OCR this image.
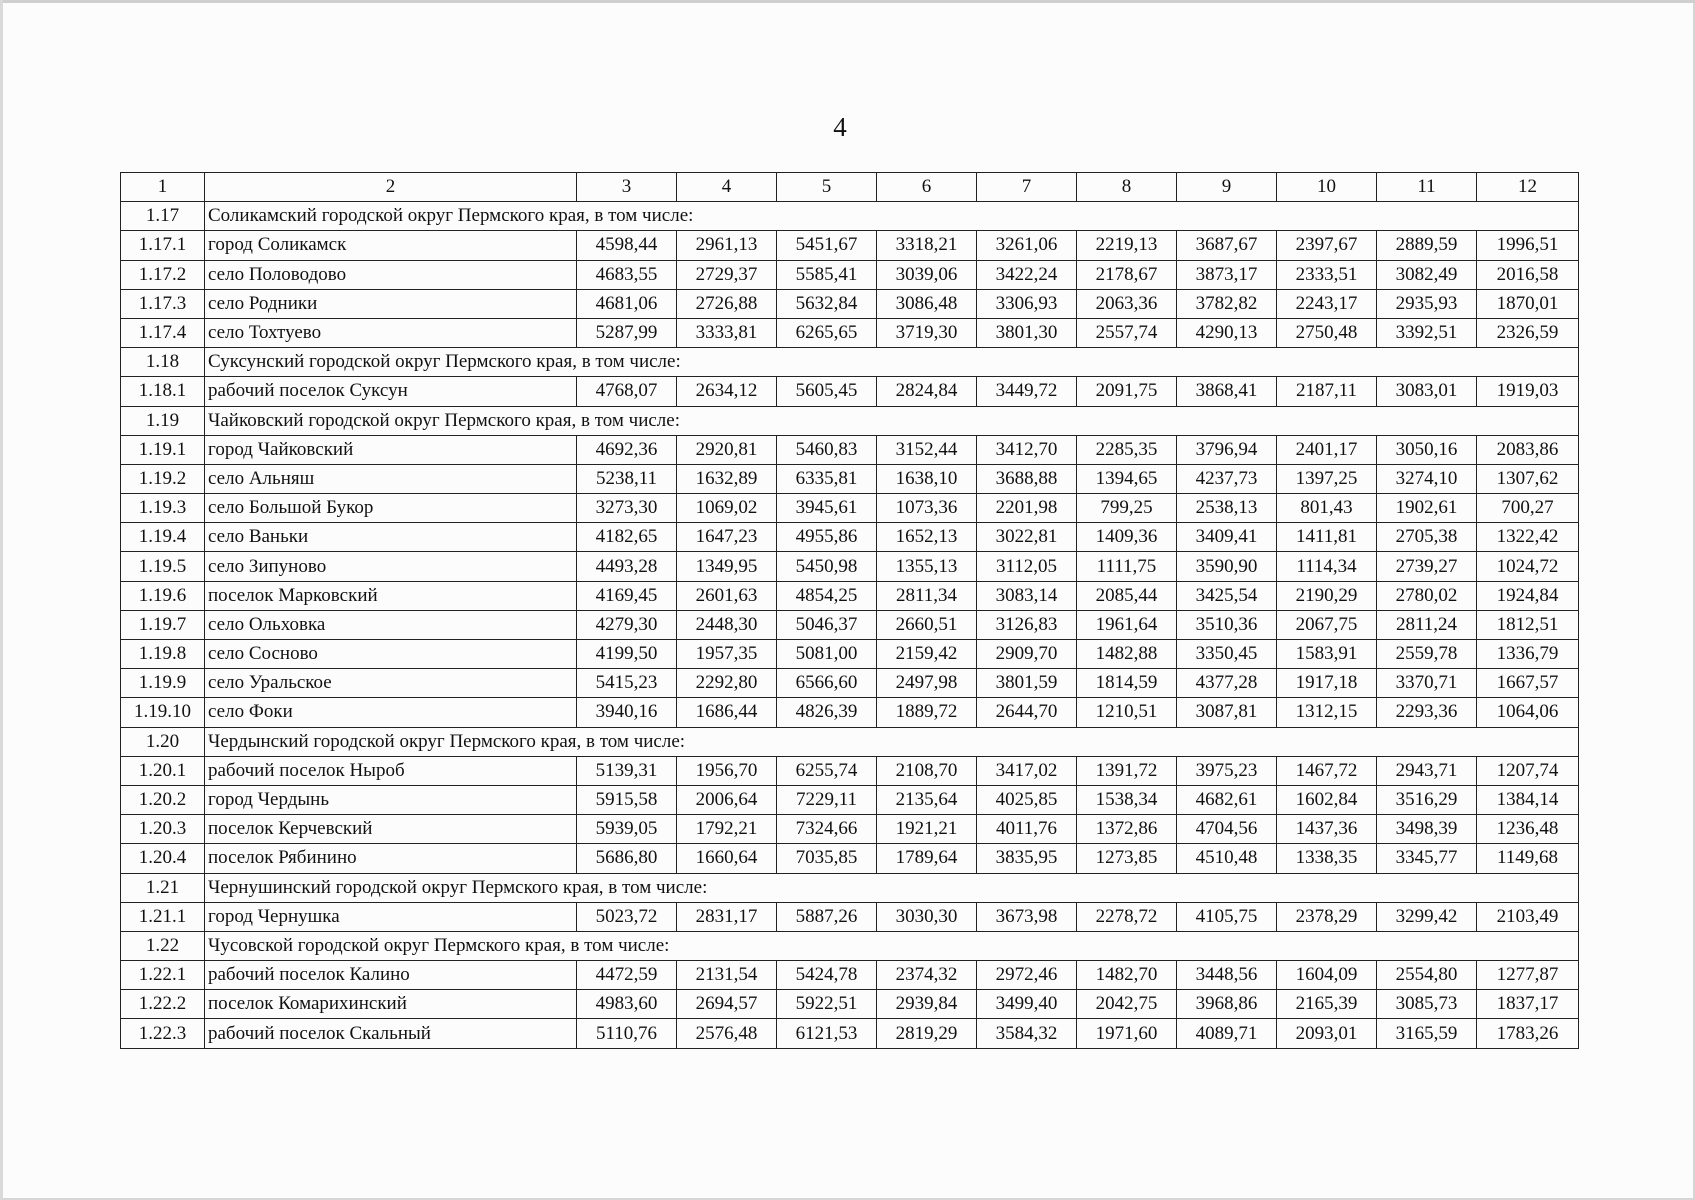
4
1	2	3	4	5	6	7	8	9	10	11	12
1.17	Соликамский городской округ Пермского края, в том числе:										
1.17.1	город Соликамск	4598,44	2961,13	5451,67	3318,21	3261,06	2219,13	3687,67	2397,67	2889,59	1996,51
1.17.2	село Половодово	4683,55	2729,37	5585,41	3039,06	3422,24	2178,67	3873,17	2333,51	3082,49	2016,58
1.17.3	село Родники	4681,06	2726,88	5632,84	3086,48	3306,93	2063,36	3782,82	2243,17	2935,93	1870,01
1.17.4	село Тохтуево	5287,99	3333,81	6265,65	3719,30	3801,30	2557,74	4290,13	2750,48	3392,51	2326,59
1.18	Суксунский городской округ Пермского края, в том числе:										
1.18.1	рабочий поселок Суксун	4768,07	2634,12	5605,45	2824,84	3449,72	2091,75	3868,41	2187,11	3083,01	1919,03
1.19	Чайковский городской округ Пермского края, в том числе:										
1.19.1	город Чайковский	4692,36	2920,81	5460,83	3152,44	3412,70	2285,35	3796,94	2401,17	3050,16	2083,86
1.19.2	село Альняш	5238,11	1632,89	6335,81	1638,10	3688,88	1394,65	4237,73	1397,25	3274,10	1307,62
1.19.3	село Большой Букор	3273,30	1069,02	3945,61	1073,36	2201,98	799,25	2538,13	801,43	1902,61	700,27
1.19.4	село Ваньки	4182,65	1647,23	4955,86	1652,13	3022,81	1409,36	3409,41	1411,81	2705,38	1322,42
1.19.5	село Зипуново	4493,28	1349,95	5450,98	1355,13	3112,05	1111,75	3590,90	1114,34	2739,27	1024,72
1.19.6	поселок Марковский	4169,45	2601,63	4854,25	2811,34	3083,14	2085,44	3425,54	2190,29	2780,02	1924,84
1.19.7	село Ольховка	4279,30	2448,30	5046,37	2660,51	3126,83	1961,64	3510,36	2067,75	2811,24	1812,51
1.19.8	село Сосново	4199,50	1957,35	5081,00	2159,42	2909,70	1482,88	3350,45	1583,91	2559,78	1336,79
1.19.9	село Уральское	5415,23	2292,80	6566,60	2497,98	3801,59	1814,59	4377,28	1917,18	3370,71	1667,57
1.19.10	село Фоки	3940,16	1686,44	4826,39	1889,72	2644,70	1210,51	3087,81	1312,15	2293,36	1064,06
1.20	Чердынский городской округ Пермского края, в том числе:										
1.20.1	рабочий поселок Ныроб	5139,31	1956,70	6255,74	2108,70	3417,02	1391,72	3975,23	1467,72	2943,71	1207,74
1.20.2	город Чердынь	5915,58	2006,64	7229,11	2135,64	4025,85	1538,34	4682,61	1602,84	3516,29	1384,14
1.20.3	поселок Керчевский	5939,05	1792,21	7324,66	1921,21	4011,76	1372,86	4704,56	1437,36	3498,39	1236,48
1.20.4	поселок Рябинино	5686,80	1660,64	7035,85	1789,64	3835,95	1273,85	4510,48	1338,35	3345,77	1149,68
1.21	Чернушинский городской округ Пермского края, в том числе:										
1.21.1	город Чернушка	5023,72	2831,17	5887,26	3030,30	3673,98	2278,72	4105,75	2378,29	3299,42	2103,49
1.22	Чусовской городской округ Пермского края, в том числе:										
1.22.1	рабочий поселок Калино	4472,59	2131,54	5424,78	2374,32	2972,46	1482,70	3448,56	1604,09	2554,80	1277,87
1.22.2	поселок Комарихинский	4983,60	2694,57	5922,51	2939,84	3499,40	2042,75	3968,86	2165,39	3085,73	1837,17
1.22.3	рабочий поселок Скальный	5110,76	2576,48	6121,53	2819,29	3584,32	1971,60	4089,71	2093,01	3165,59	1783,26
